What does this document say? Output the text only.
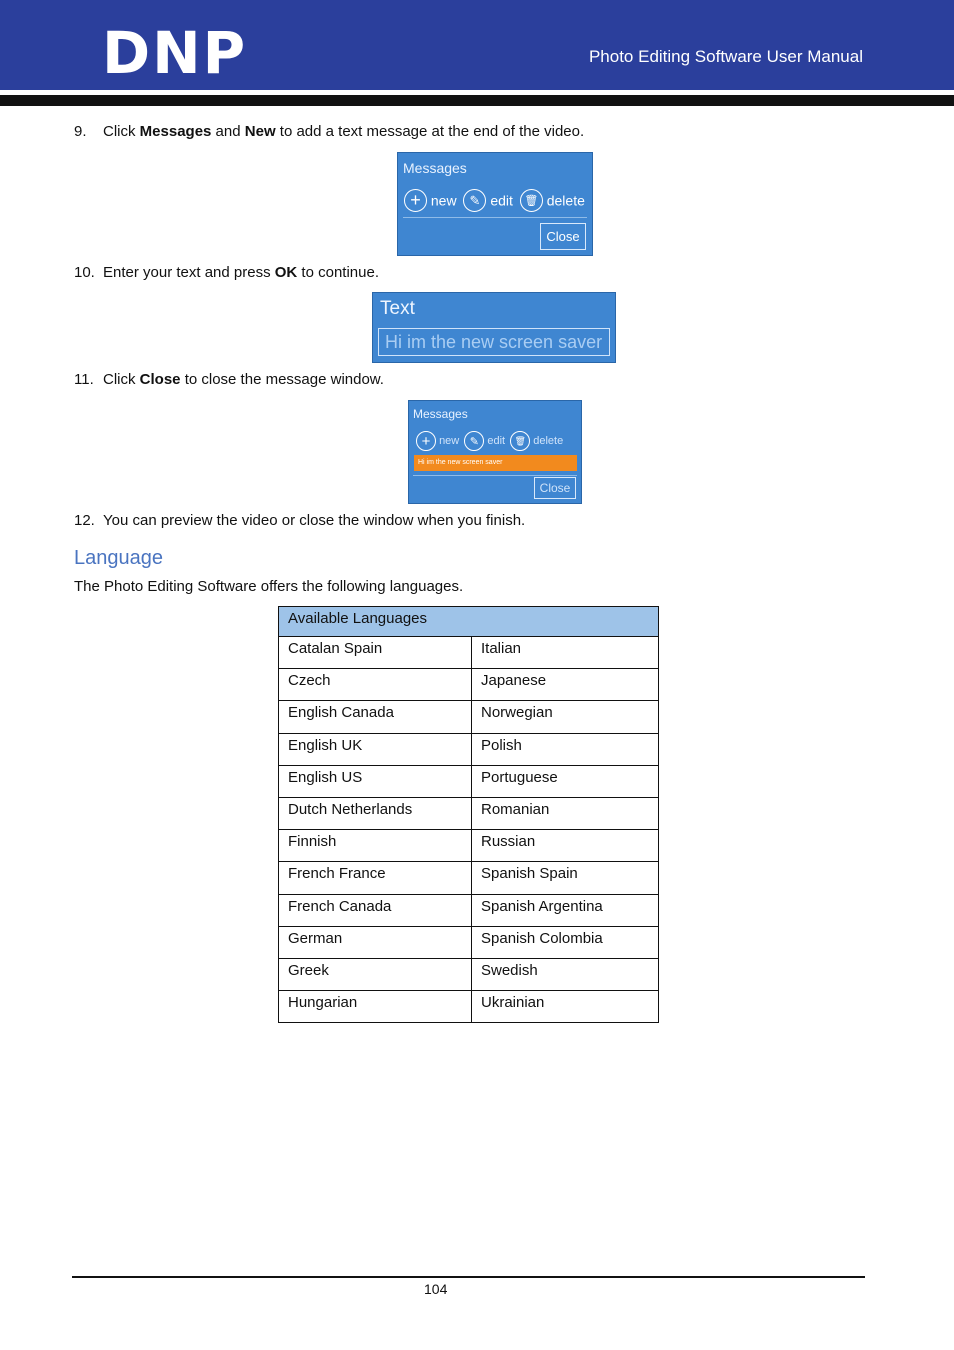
DNP	Photo Editing Software User Manual
9. Click Messages and New to add a text message at the end of the video.
Messages
+ new ✎ edit 🗑 delete
Close
10. Enter your text and press OK to continue.
Text
Hi im the new screen saver
11. Click Close to close the message window.
Messages
+ new ✎ edit 🗑 delete
Hi im the new screen saver
Close
12. You can preview the video or close the window when you finish.
Language
The Photo Editing Software offers the following languages.
Available Languages	
Catalan Spain	Italian
Czech	Japanese
English Canada	Norwegian
English UK	Polish
English US	Portuguese
Dutch Netherlands	Romanian
Finnish	Russian
French France	Spanish Spain
French Canada	Spanish Argentina
German	Spanish Colombia
Greek	Swedish
Hungarian	Ukrainian
104
